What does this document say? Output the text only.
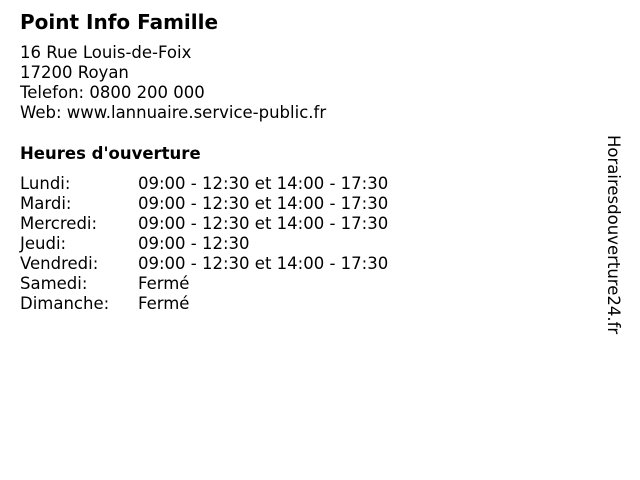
Point Info Famille
16 Rue Louis-de-Foix
17200 Royan
Telefon: 0800 200 000
Web: www.lannuaire.service-public.fr
Heures d'ouverture
Lundi:	09:00 - 12:30 et 14:00 - 17:30
Mardi:	09:00 - 12:30 et 14:00 - 17:30
Mercredi: 09:00 - 12:30 et 14:00 - 17:30
Jeudi:	09:00 - 12:30
Vendredi: 09:00 - 12:30 et 14:00 - 17:30
Samedi:	Fermé
Dimanche: Fermé	Horairesdouverture24.fr
